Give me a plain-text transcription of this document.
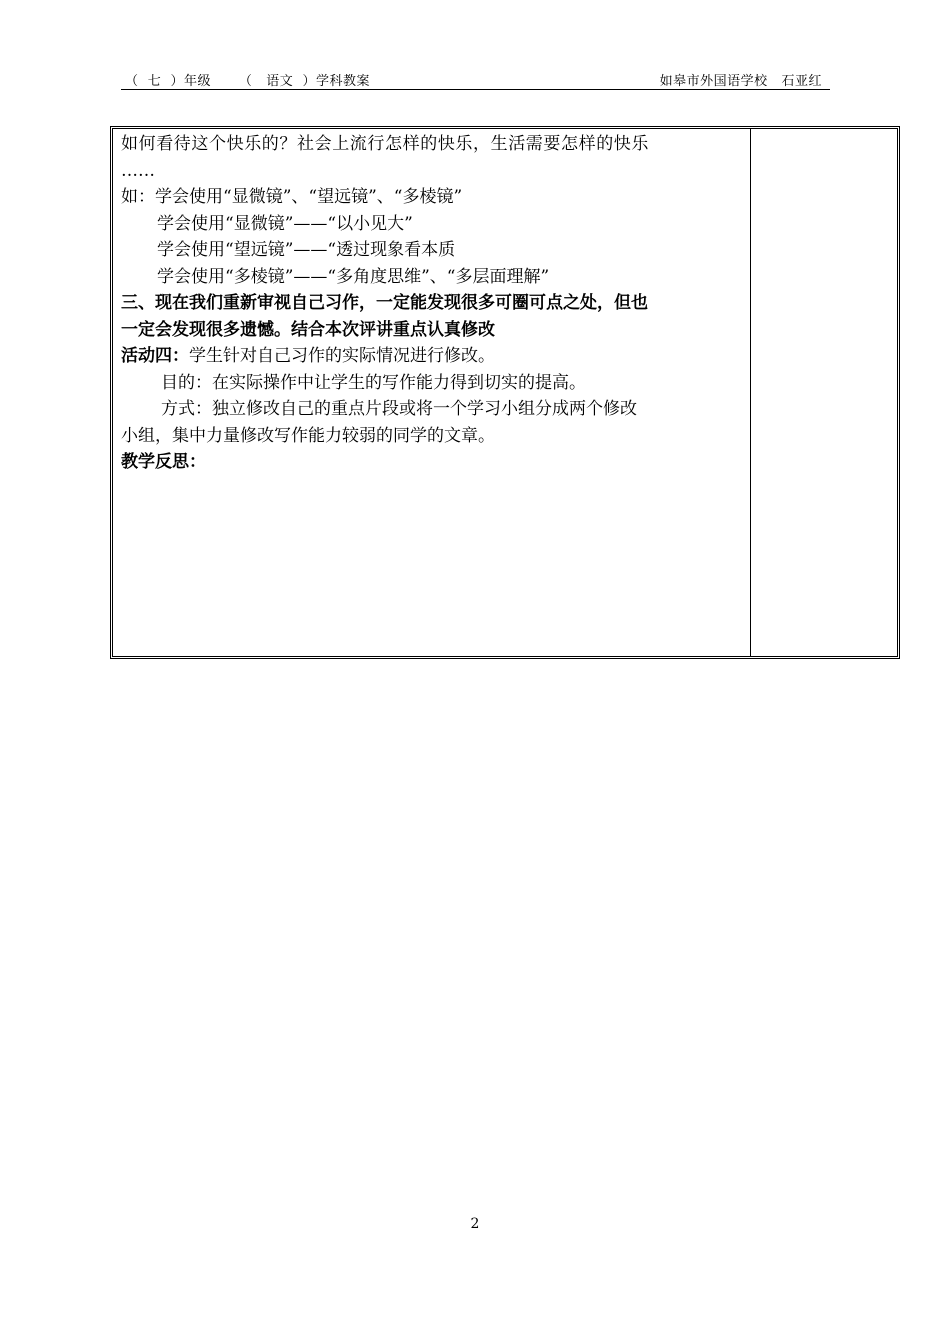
（  七  ）年级      （   语文  ）学科教案	如皋市外国语学校   石亚红
如何看待这个快乐的？社会上流行怎样的快乐，生活需要怎样的快乐
……
如：学会使用“显微镜”、“望远镜”、“多棱镜”
学会使用“显微镜”——“以小见大”
学会使用“望远镜”——“透过现象看本质
学会使用“多棱镜”——“多角度思维”、“多层面理解”
三、现在我们重新审视自己习作，一定能发现很多可圈可点之处，但也
一定会发现很多遗憾。结合本次评讲重点认真修改
活动四：学生针对自己习作的实际情况进行修改。
目的：在实际操作中让学生的写作能力得到切实的提高。
方式：独立修改自己的重点片段或将一个学习小组分成两个修改
小组，集中力量修改写作能力较弱的同学的文章。
教学反思：
2
